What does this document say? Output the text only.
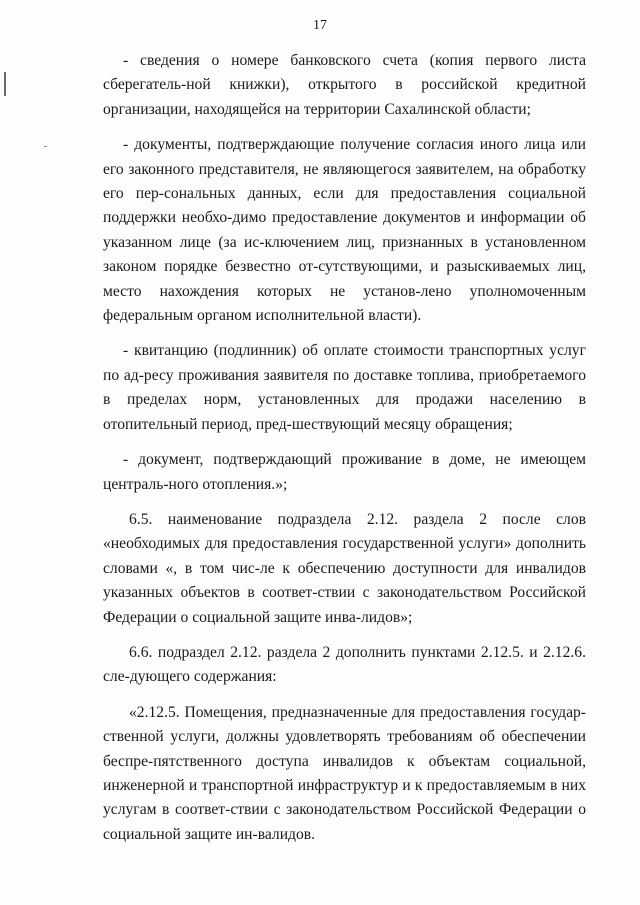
17

- сведения о номере банковского счета (копия первого листа сберегатель-ной книжки), открытого в российской кредитной организации, находящейся на территории Сахалинской области;

- документы, подтверждающие получение согласия иного лица или его законного представителя, не являющегося заявителем, на обработку его пер-сональных данных, если для предоставления социальной поддержки необхо-димо предоставление документов и информации об указанном лице (за ис-ключением лиц, признанных в установленном законом порядке безвестно от-сутствующими, и разыскиваемых лиц, место нахождения которых не установ-лено уполномоченным федеральным органом исполнительной власти).

- квитанцию (подлинник) об оплате стоимости транспортных услуг по ад-ресу проживания заявителя по доставке топлива, приобретаемого в пределах норм, установленных для продажи населению в отопительный период, пред-шествующий месяцу обращения;

- документ, подтверждающий проживание в доме, не имеющем централь-ного отопления.»;

6.5. наименование подраздела 2.12. раздела 2 после слов «необходимых для предоставления государственной услуги» дополнить словами «, в том чис-ле к обеспечению доступности для инвалидов указанных объектов в соответ-ствии с законодательством Российской Федерации о социальной защите инва-лидов»;

6.6. подраздел 2.12. раздела 2 дополнить пунктами 2.12.5. и 2.12.6. сле-дующего содержания:

«2.12.5. Помещения, предназначенные для предоставления государ-ственной услуги, должны удовлетворять требованиям об обеспечении беспре-пятственного доступа инвалидов к объектам социальной, инженерной и транспортной инфраструктур и к предоставляемым в них услугам в соответ-ствии с законодательством Российской Федерации о социальной защите ин-валидов.
